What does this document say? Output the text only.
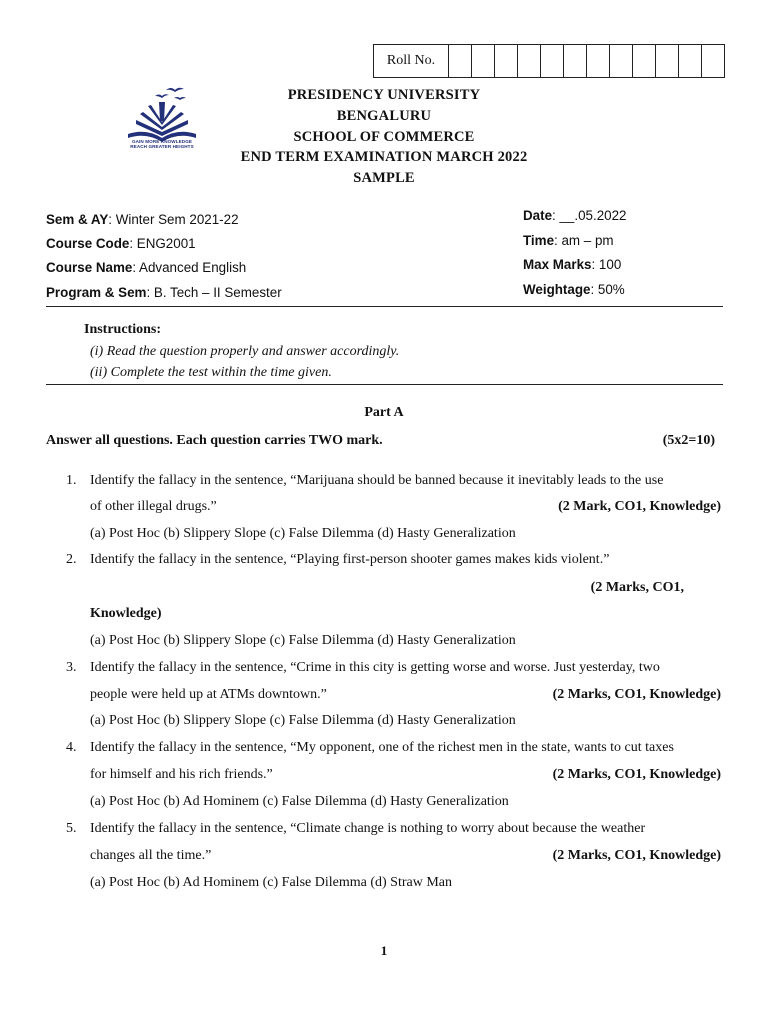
Roll No.
GAIN MORE KNOWLEDGE
REACH GREATER HEIGHTS
PRESIDENCY UNIVERSITY
BENGALURU
SCHOOL OF COMMERCE
END TERM EXAMINATION MARCH 2022
SAMPLE
Sem & AY: Winter Sem 2021-22
Course Code: ENG2001
Course Name: Advanced English
Program & Sem: B. Tech – II Semester
Date: __.05.2022
Time: am – pm
Max Marks: 100
Weightage: 50%
Instructions:
(i) Read the question properly and answer accordingly.
(ii) Complete the test within the time given.
Part A
Answer all questions. Each question carries TWO mark.	(5x2=10)
1. Identify the fallacy in the sentence, “Marijuana should be banned because it inevitably leads to the use
of other illegal drugs.”	(2 Mark, CO1, Knowledge)
(a) Post Hoc (b) Slippery Slope (c) False Dilemma (d) Hasty Generalization
2. Identify the fallacy in the sentence, “Playing first-person shooter games makes kids violent.”
(2 Marks, CO1,
Knowledge)
(a) Post Hoc (b) Slippery Slope (c) False Dilemma (d) Hasty Generalization
3. Identify the fallacy in the sentence, “Crime in this city is getting worse and worse. Just yesterday, two
people were held up at ATMs downtown.”	(2 Marks, CO1, Knowledge)
(a) Post Hoc (b) Slippery Slope (c) False Dilemma (d) Hasty Generalization
4. Identify the fallacy in the sentence, “My opponent, one of the richest men in the state, wants to cut taxes
for himself and his rich friends.”	(2 Marks, CO1, Knowledge)
(a) Post Hoc (b) Ad Hominem (c) False Dilemma (d) Hasty Generalization
5. Identify the fallacy in the sentence, “Climate change is nothing to worry about because the weather
changes all the time.”	(2 Marks, CO1, Knowledge)
(a) Post Hoc (b) Ad Hominem (c) False Dilemma (d) Straw Man
1
